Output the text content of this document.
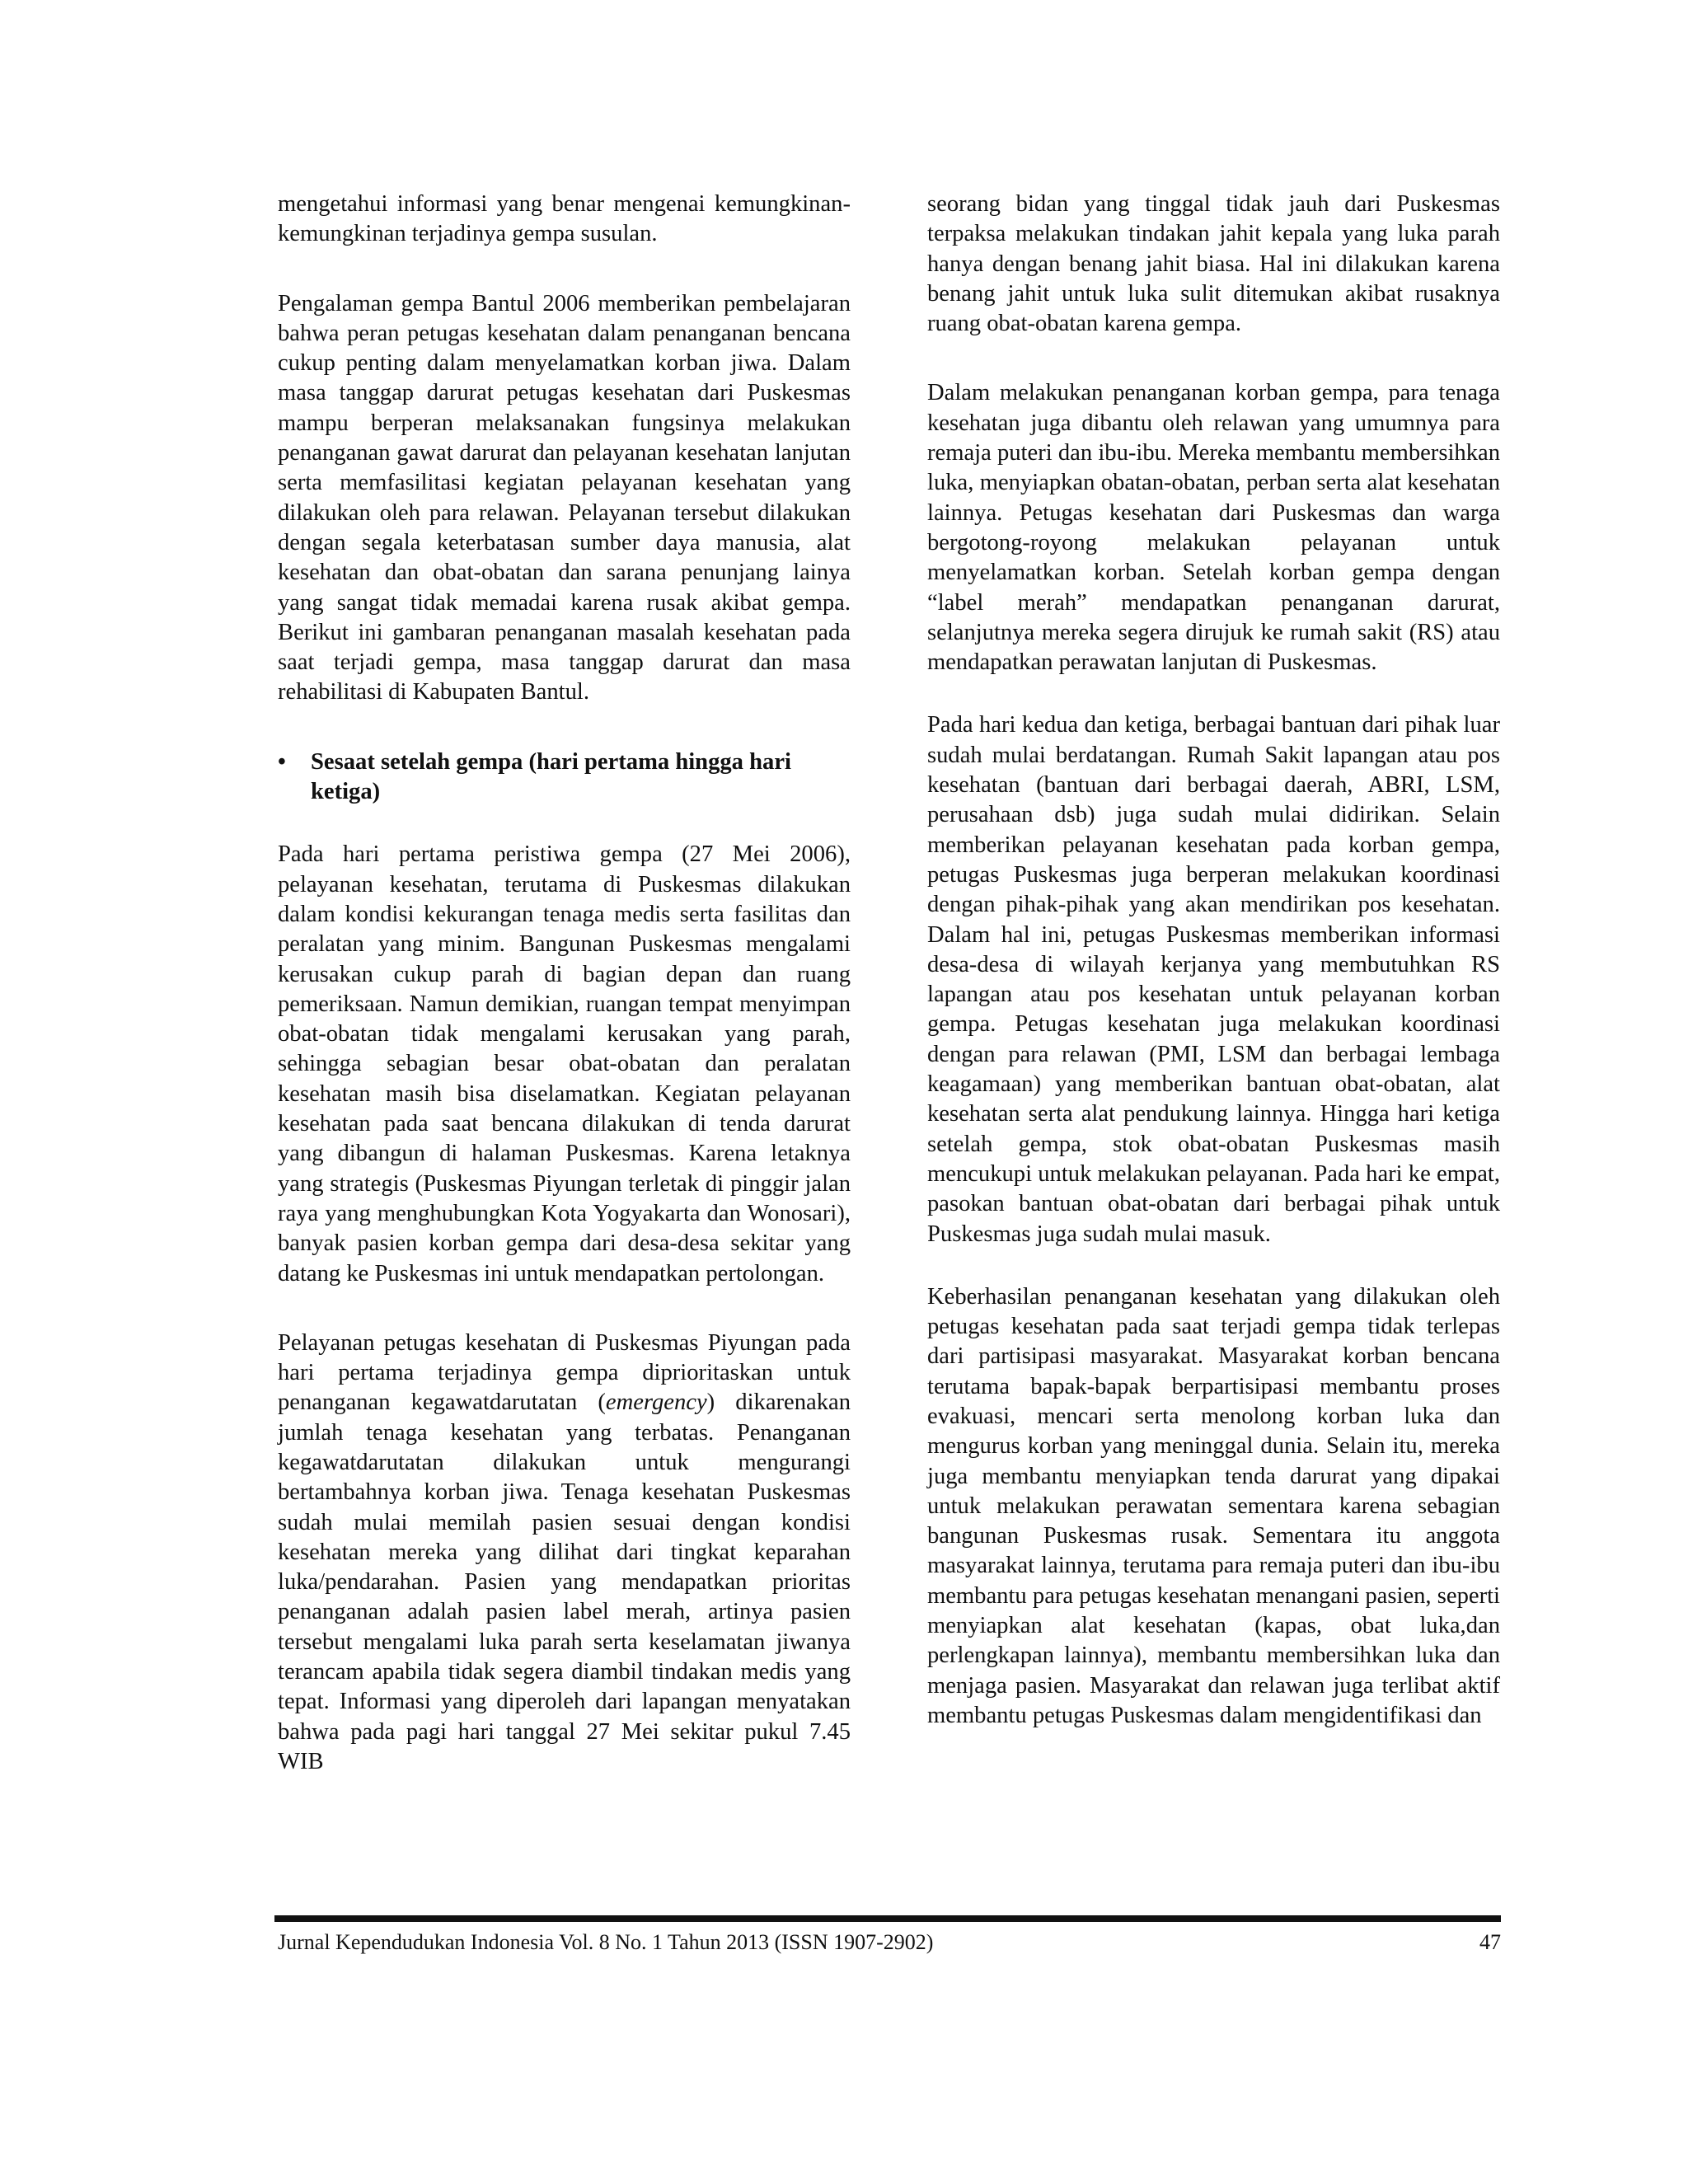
mengetahui informasi yang benar mengenai kemungkinan-kemungkinan terjadinya gempa susulan.

Pengalaman gempa Bantul 2006 memberikan pembelajaran bahwa peran petugas kesehatan dalam penanganan bencana cukup penting dalam menyelamatkan korban jiwa. Dalam masa tanggap darurat petugas kesehatan dari Puskesmas mampu berperan melaksanakan fungsinya melakukan penanganan gawat darurat dan pelayanan kesehatan lanjutan serta memfasilitasi kegiatan pelayanan kesehatan yang dilakukan oleh para relawan. Pelayanan tersebut dilakukan dengan segala keterbatasan sumber daya manusia, alat kesehatan dan obat-obatan dan sarana penunjang lainya yang sangat tidak memadai karena rusak akibat gempa. Berikut ini gambaran penanganan masalah kesehatan pada saat terjadi gempa, masa tanggap darurat dan masa rehabilitasi di Kabupaten Bantul.

•	Sesaat setelah gempa (hari pertama hingga hari ketiga)

Pada hari pertama peristiwa gempa (27 Mei 2006), pelayanan kesehatan, terutama di Puskesmas dilakukan dalam kondisi kekurangan tenaga medis serta fasilitas dan peralatan yang minim. Bangunan Puskesmas mengalami kerusakan cukup parah di bagian depan dan ruang pemeriksaan. Namun demikian, ruangan tempat menyimpan obat-obatan tidak mengalami kerusakan yang parah, sehingga sebagian besar obat-obatan dan peralatan kesehatan masih bisa diselamatkan. Kegiatan pelayanan kesehatan pada saat bencana dilakukan di tenda darurat yang dibangun di halaman Puskesmas. Karena letaknya yang strategis (Puskesmas Piyungan terletak di pinggir jalan raya yang menghubungkan Kota Yogyakarta dan Wonosari), banyak pasien korban gempa dari desa-desa sekitar yang datang ke Puskesmas ini untuk mendapatkan pertolongan.

Pelayanan petugas kesehatan di Puskesmas Piyungan pada hari pertama terjadinya gempa diprioritaskan untuk penanganan kegawatdarutatan (emergency) dikarenakan jumlah tenaga kesehatan yang terbatas. Penanganan kegawatdarutatan dilakukan untuk mengurangi bertambahnya korban jiwa. Tenaga kesehatan Puskesmas sudah mulai memilah pasien sesuai dengan kondisi kesehatan mereka yang dilihat dari tingkat keparahan luka/pendarahan. Pasien yang mendapatkan prioritas penanganan adalah pasien label merah, artinya pasien tersebut mengalami luka parah serta keselamatan jiwanya terancam apabila tidak segera diambil tindakan medis yang tepat. Informasi yang diperoleh dari lapangan menyatakan bahwa pada pagi hari tanggal 27 Mei sekitar pukul 7.45 WIB

seorang bidan yang tinggal tidak jauh dari Puskesmas terpaksa melakukan tindakan jahit kepala yang luka parah hanya dengan benang jahit biasa. Hal ini dilakukan karena benang jahit untuk luka sulit ditemukan akibat rusaknya ruang obat-obatan karena gempa.

Dalam melakukan penanganan korban gempa, para tenaga kesehatan juga dibantu oleh relawan yang umumnya para remaja puteri dan ibu-ibu. Mereka membantu membersihkan luka, menyiapkan obatan-obatan, perban serta alat kesehatan lainnya. Petugas kesehatan dari Puskesmas dan warga bergotong-royong melakukan pelayanan untuk menyelamatkan korban. Setelah korban gempa dengan “label merah” mendapatkan penanganan darurat, selanjutnya mereka segera dirujuk ke rumah sakit (RS) atau mendapatkan perawatan lanjutan di Puskesmas.

Pada hari kedua dan ketiga, berbagai bantuan dari pihak luar sudah mulai berdatangan. Rumah Sakit lapangan atau pos kesehatan (bantuan dari berbagai daerah, ABRI, LSM, perusahaan dsb) juga sudah mulai didirikan. Selain memberikan pelayanan kesehatan pada korban gempa, petugas Puskesmas juga berperan melakukan koordinasi dengan pihak-pihak yang akan mendirikan pos kesehatan. Dalam hal ini, petugas Puskesmas memberikan informasi desa-desa di wilayah kerjanya yang membutuhkan RS lapangan atau pos kesehatan untuk pelayanan korban gempa. Petugas kesehatan juga melakukan koordinasi dengan para relawan (PMI, LSM dan berbagai lembaga keagamaan) yang memberikan bantuan obat-obatan, alat kesehatan serta alat pendukung lainnya. Hingga hari ketiga setelah gempa, stok obat-obatan Puskesmas masih mencukupi untuk melakukan pelayanan. Pada hari ke empat, pasokan bantuan obat-obatan dari berbagai pihak untuk Puskesmas juga sudah mulai masuk.

Keberhasilan penanganan kesehatan yang dilakukan oleh petugas kesehatan pada saat terjadi gempa tidak terlepas dari partisipasi masyarakat. Masyarakat korban bencana terutama bapak-bapak berpartisipasi membantu proses evakuasi, mencari serta menolong korban luka dan mengurus korban yang meninggal dunia. Selain itu, mereka juga membantu menyiapkan tenda darurat yang dipakai untuk melakukan perawatan sementara karena sebagian bangunan Puskesmas rusak. Sementara itu anggota masyarakat lainnya, terutama para remaja puteri dan ibu-ibu membantu para petugas kesehatan menangani pasien, seperti menyiapkan alat kesehatan (kapas, obat luka,dan perlengkapan lainnya), membantu membersihkan luka dan menjaga pasien. Masyarakat dan relawan juga terlibat aktif membantu petugas Puskesmas dalam mengidentifikasi dan

Jurnal Kependudukan Indonesia Vol. 8 No. 1 Tahun 2013 (ISSN 1907-2902)	47
